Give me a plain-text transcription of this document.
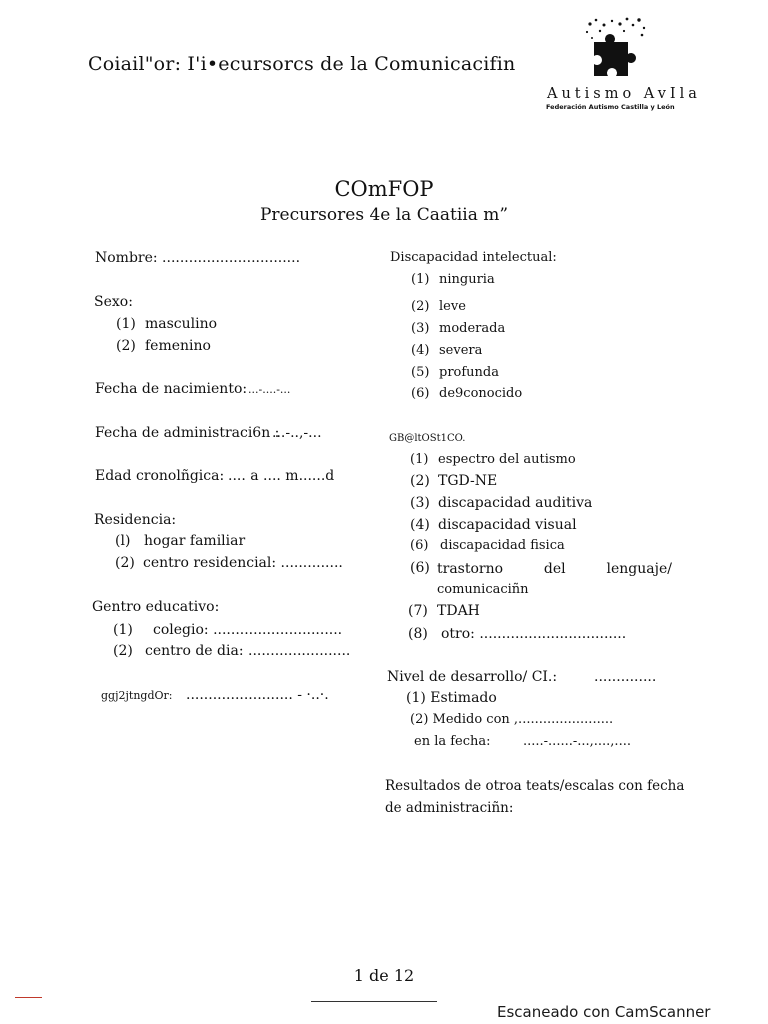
Coiail"or: I'i•ecursorcs de la Comunicacifin
Autismo AvIla
Federación Autismo Castilla y León
COmFOP
Precursores 4e la Caatiia m”
Nombre: ...............................
Sexo:
(1) masculino
(2) femenino
Fecha de nacimiento: ...-....-...
Fecha de administraci6n :
...-..,-...
Edad cronolñgica: .... a .... m......d
Residencia:
(l) hogar familiar
(2) centro residencial: ..............
Gentro educativo:
(1) colegio: .............................
(2) centro de dia: .......................
ggj2jtngdOr: ........................ - ·..·.
Discapacidad intelectual:
(1) ninguria
(2) leve
(3) moderada
(4) severa
(5) profunda
(6) de9conocido
GB@ltOSt1CO.
(1) espectro del autismo
(2) TGD-NE
(3) discapacidad auditiva
(4) discapacidad visual
(6) discapacidad fisica
(6) trastorno	del	lenguaje/
comunicaciñn
(7) TDAH
(8) otro: .................................
Nivel de desarrollo/ CI.:	..............
(1) Estimado
(2) Medido con ,.......................
en la fecha: .....-......-...,....,....
Resultados de otroa teats/escalas con fecha
de administraciñn:
1 de 12
Escaneado con CamScanner
